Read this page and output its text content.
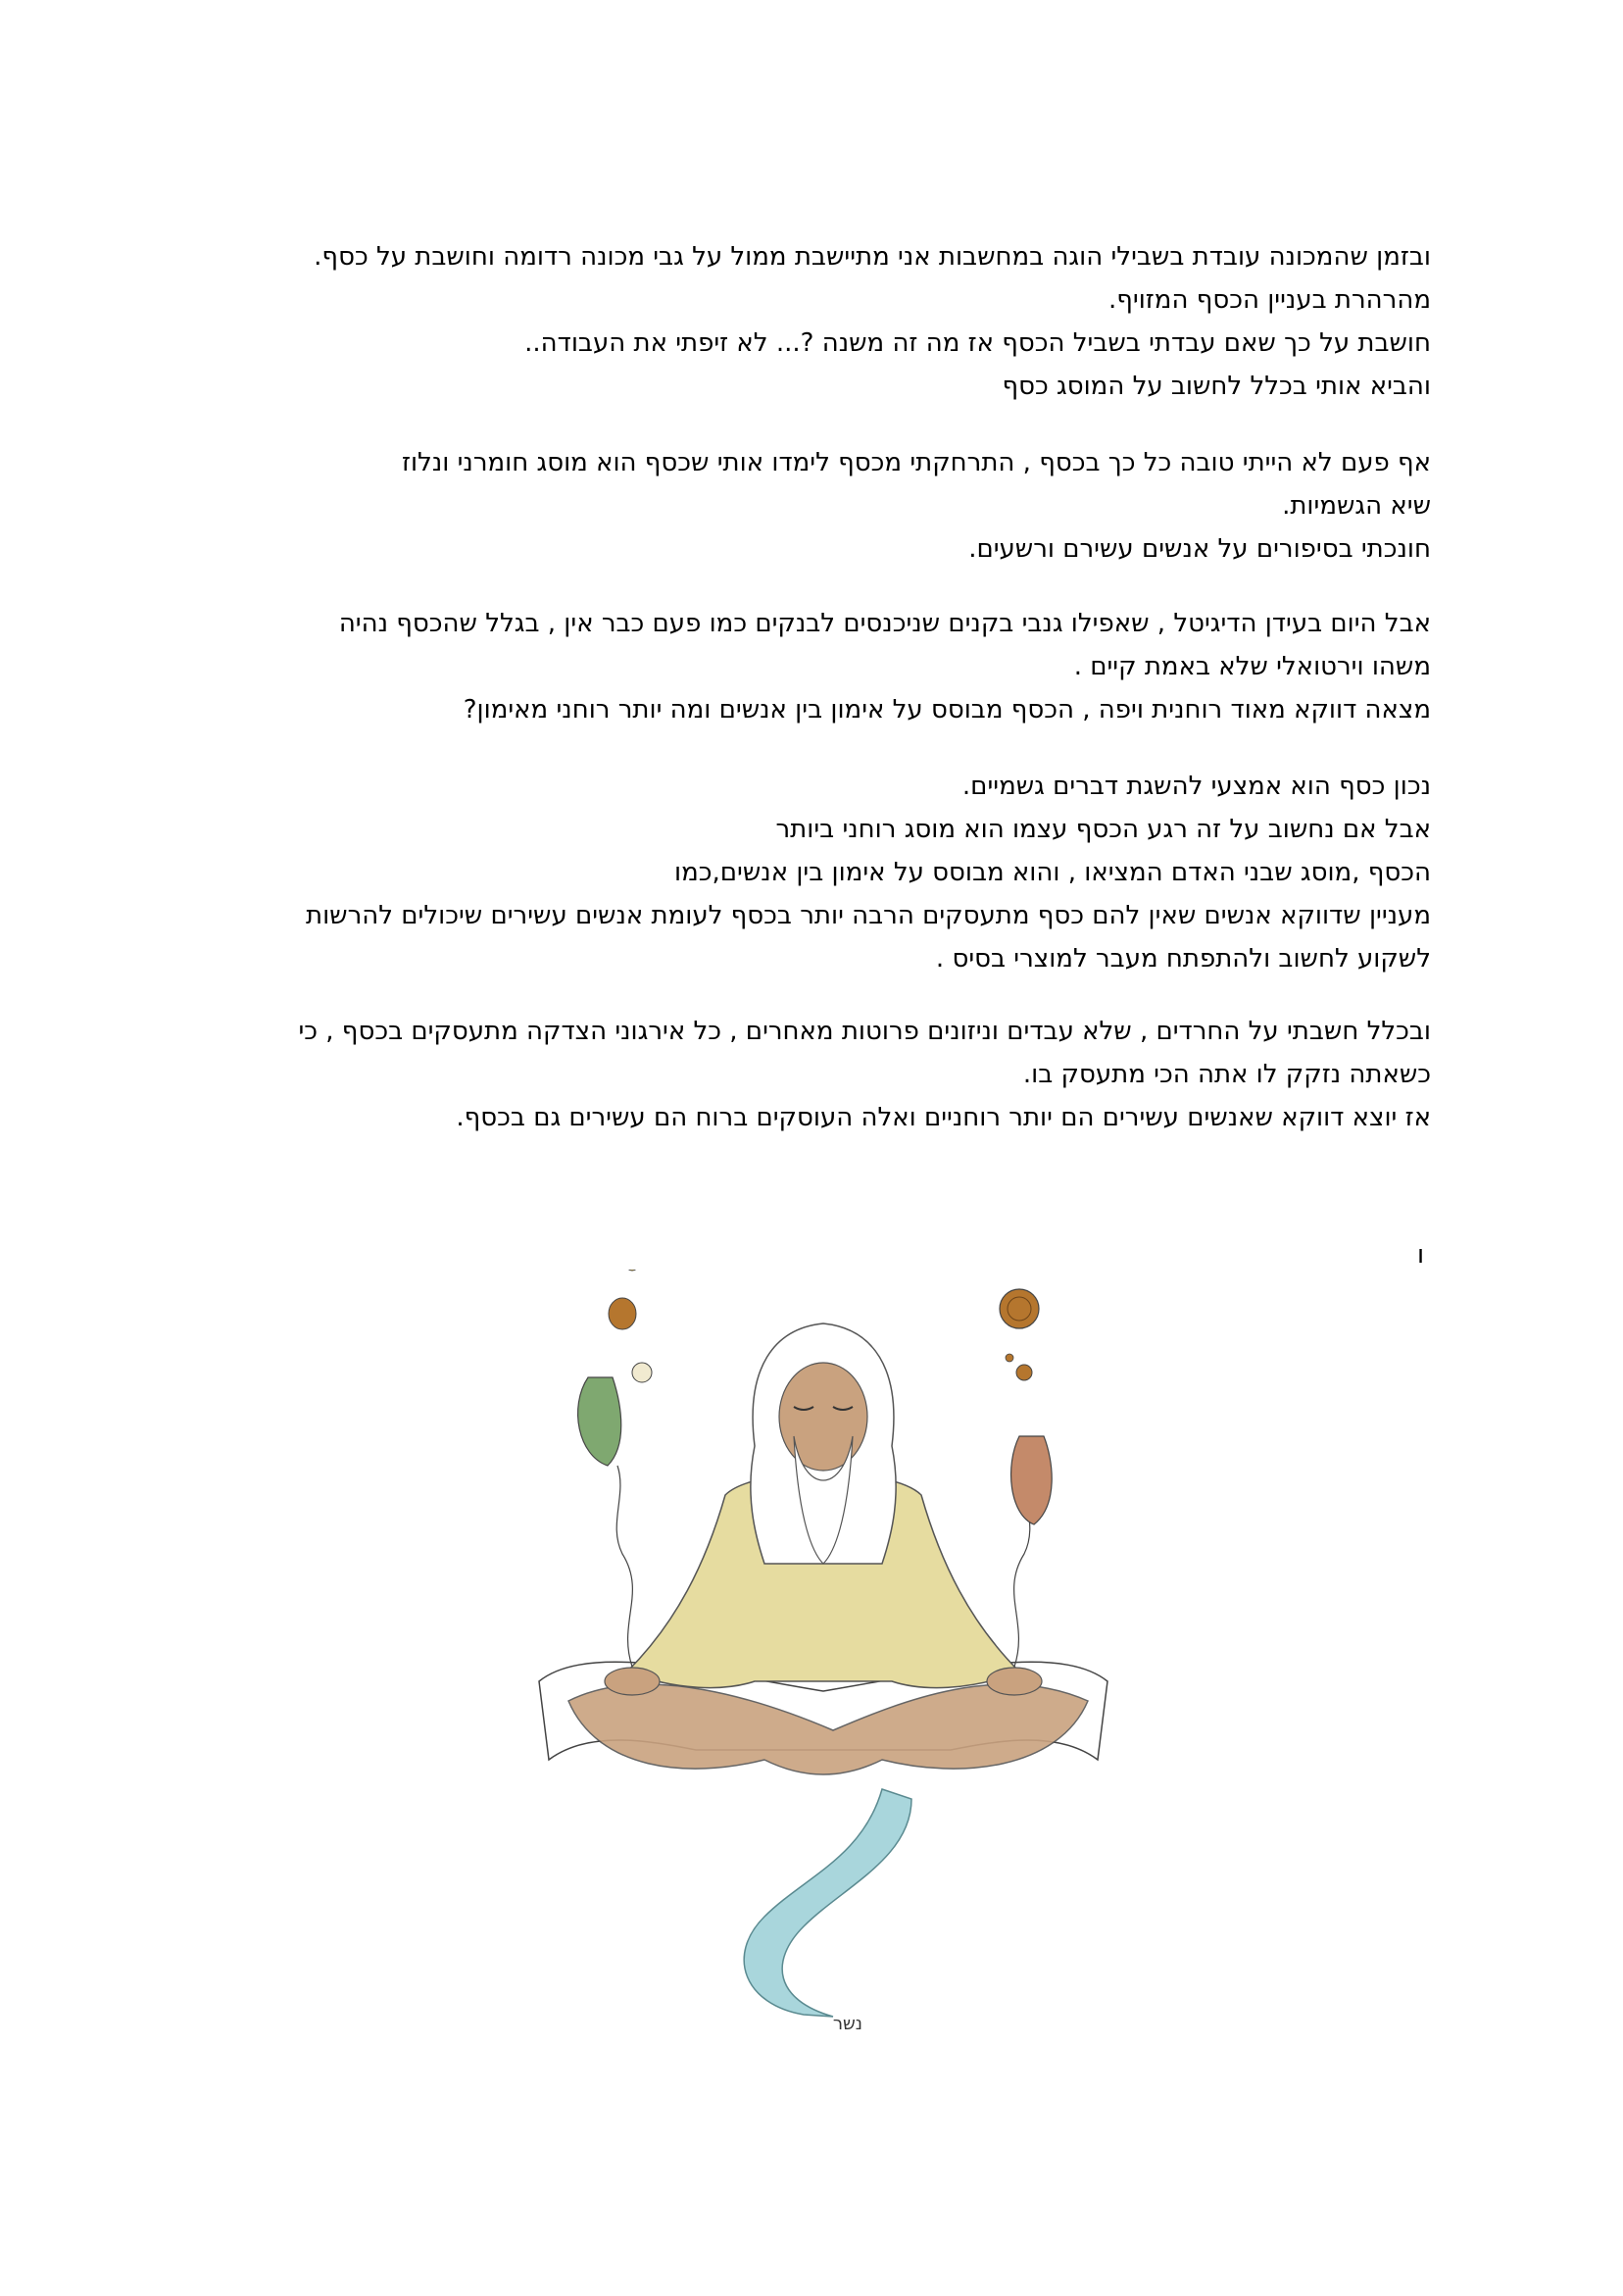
ובזמן שהמכונה עובדת בשבילי הוגה במחשבות אני מתיישבת ממול על גבי מכונה רדומה וחושבת על כסף.
מהרהרת בעניין הכסף המזויף.
חושבת על כך שאם עבדתי בשביל הכסף אז מה זה משנה ?... לא זיפתי את העבודה..
והביא אותי בכלל לחשוב על המוסג כסף

אף פעם לא הייתי טובה כל כך בכסף , התרחקתי מכסף לימדו אותי שכסף הוא מוסג חומרני ונלוז
שיא הגשמיות.
חונכתי בסיפורים על אנשים עשירם ורשעים.

אבל היום בעידן הדיגיטל , שאפילו גנבי בקנים שניכנסים לבנקים כמו פעם כבר אין , בגלל שהכסף נהיה
משהו וירטואלי שלא באמת קיים .
מצאה דווקא מאוד רוחנית ויפה , הכסף מבוסס על אימון בין אנשים ומה יותר רוחני מאימון?

נכון כסף הוא אמצעי להשגת דברים גשמיים.
אבל אם נחשוב על זה רגע הכסף עצמו הוא מוסג רוחני ביותר
הכסף ,מוסג שבני האדם המציאו , והוא מבוסס על אימון בין אנשים,כמו
מעניין שדווקא אנשים שאין להם כסף מתעסקים הרבה יותר בכסף לעומת אנשים עשירים שיכולים להרשות
לשקוע לחשוב ולהתפתח מעבר למוצרי בסיס .

ובכלל חשבתי על החרדים , שלא עבדים וניזונים פרוטות מאחרים , כל אירגוני הצדקה מתעסקים בכסף , כי
כשאתה נזקק לו אתה הכי מתעסק בו.
אז יוצא דווקא שאנשים עשירים הם יותר רוחניים ואלה העוסקים ברוח הם עשירים גם בכסף.

ו
נשר
